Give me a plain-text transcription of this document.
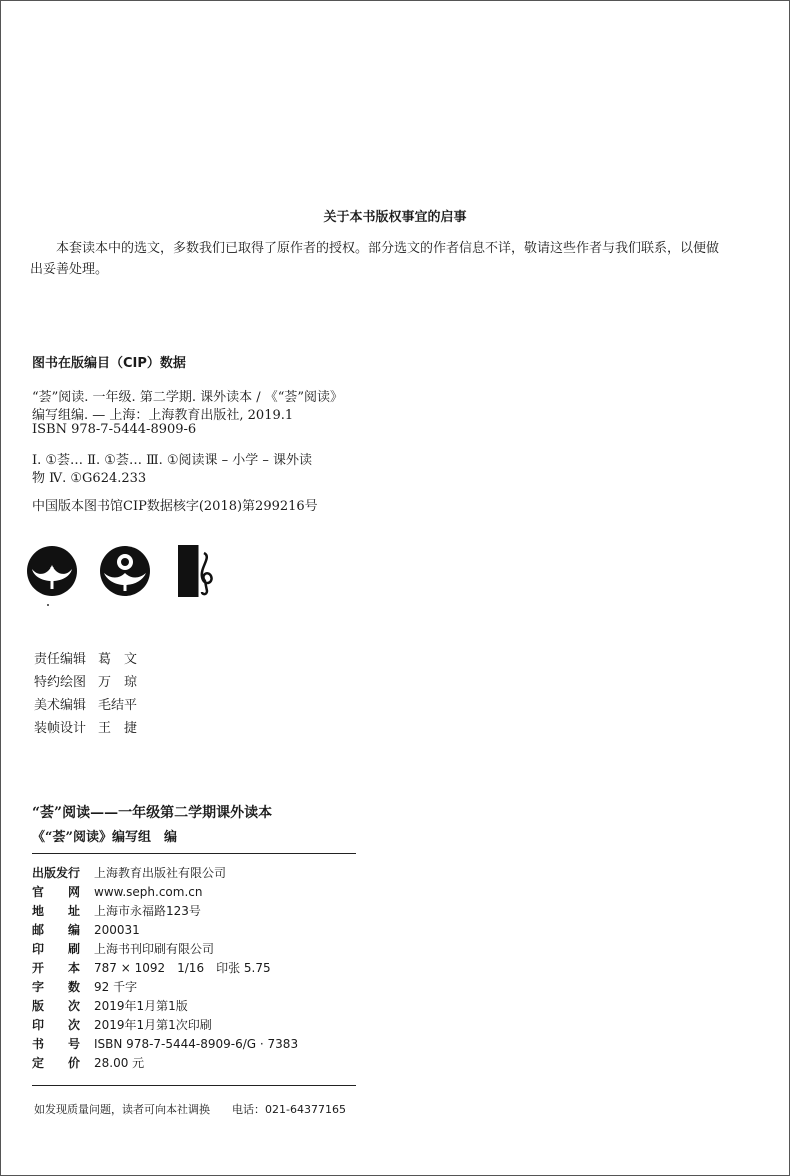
关于本书版权事宜的启事
本套读本中的选文，多数我们已取得了原作者的授权。部分选文的作者信息不详，敬请这些作者与我们联系，以便做出妥善处理。
图书在版编目（CIP）数据
“荟”阅读. 一年级. 第二学期. 课外读本 / 《“荟”阅读》
编写组编. — 上海：上海教育出版社, 2019.1
ISBN 978-7-5444-8909-6
Ⅰ. ①荟… Ⅱ. ①荟… Ⅲ. ①阅读课 – 小学 – 课外读
物 Ⅳ. ①G624.233
中国版本图书馆CIP数据核字(2018)第299216号
责任编辑 葛　文
特约绘图 万　琼
美术编辑 毛结平
装帧设计 王　捷
“荟”阅读——一年级第二学期课外读本
《“荟”阅读》编写组　编
出版发行 上海教育出版社有限公司
官　　网 www.seph.com.cn
地　　址 上海市永福路123号
邮　　编 200031
印　　刷 上海书刊印刷有限公司
开　　本 787 × 1092　1/16　印张 5.75
字　　数 92 千字
版　　次 2019年1月第1版
印　　次 2019年1月第1次印刷
书　　号 ISBN 978-7-5444-8909-6/G · 7383
定　　价 28.00 元
如发现质量问题，读者可向本社调换　　电话：021-64377165
